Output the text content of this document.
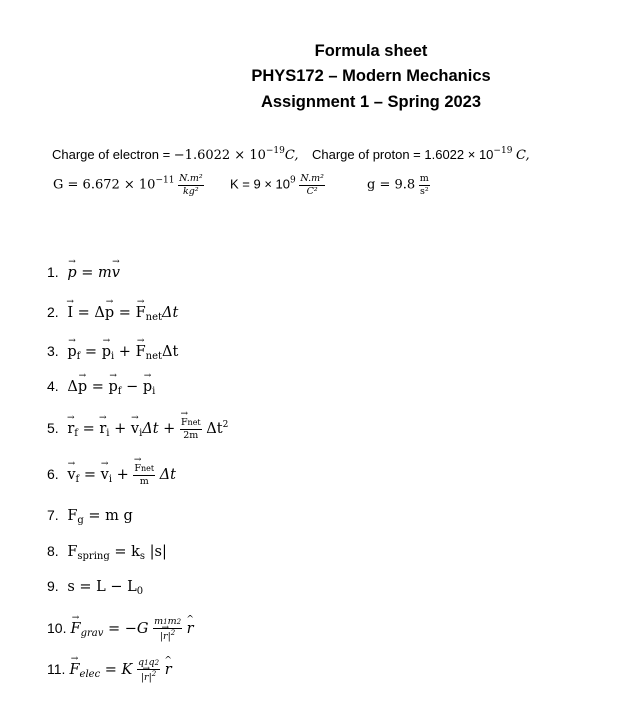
Formula sheet
PHYS172 – Modern Mechanics
Assignment 1 – Spring 2023
Charge of electron = $-1.6022 \times 10^{-19}C$, Charge of proton = $1.6022 \times 10^{-19}$ C,
$G = 6.672 \times 10^{-11} \frac{\text{N.m²}}{\text{kg²}}$ $K = 9 \times 10^9 \frac{\text{N.m²}}{\text{C²}}$	$g = 9.8 \frac{m}{\text{s²}}$
1. → p = m→ v
2. → I = Δ→ p = → $F_{net}\Delta t$
3. → $p_f$ = → $p_i$ + → $F_{net}\Delta t$
4.  Δ→ p = → $p_f$ − → $p_i$
5. → $r_f$ = → $r_i$ + → $v_i\Delta t$ + → $\frac{\text{Fnet}}{2m} \Delta t^2$
6. → $v_f$ = → $v_i$ + → $\frac{\text{Fnet}}{m}$ Δt
7.  $F_g = m$ g
8.  $F_{spring} = k_s$ |s|
9.  $s = L - L_0$
10. → $F_{grav} = -G \frac{m1m2}{|\to r|^2}$ ^ r
11. → $F_{elec} = K \frac{q1q2}{|\to r|^2}$ ^ r
